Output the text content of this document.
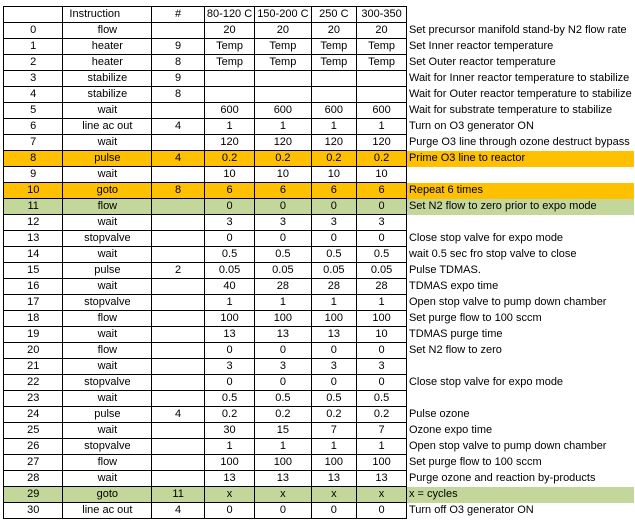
	Instruction	#	80-120 C	150-200 C	250 C	300-350	
0	flow		20	20	20	20	Set precursor manifold stand-by N2 flow rate
1	heater	9	Temp	Temp	Temp	Temp	Set Inner reactor temperature
2	heater	8	Temp	Temp	Temp	Temp	Set Outer reactor temperature
3	stabilize	9					Wait for Inner reactor temperature to stabilize
4	stabilize	8					Wait for Outer reactor temperature to stabilize
5	wait		600	600	600	600	Wait for substrate temperature to stabilize
6	line ac out	4	1	1	1	1	Turn on O3 generator ON
7	wait		120	120	120	120	Purge O3 line through ozone destruct bypass
8	pulse	4	0.2	0.2	0.2	0.2	Prime O3 line to reactor
9	wait		10	10	10	10	
10	goto	8	6	6	6	6	Repeat 6 times
11	flow		0	0	0	0	Set N2 flow to zero prior to expo mode
12	wait		3	3	3	3	
13	stopvalve		0	0	0	0	Close stop valve for expo mode
14	wait		0.5	0.5	0.5	0.5	wait 0.5 sec fro stop valve to close
15	pulse	2	0.05	0.05	0.05	0.05	Pulse TDMAS.
16	wait		40	28	28	28	TDMAS expo time
17	stopvalve		1	1	1	1	Open stop valve to pump down chamber
18	flow		100	100	100	100	Set purge flow to 100 sccm
19	wait		13	13	13	10	TDMAS purge time
20	flow		0	0	0	0	Set N2 flow to zero
21	wait		3	3	3	3	
22	stopvalve		0	0	0	0	Close stop valve for expo mode
23	wait		0.5	0.5	0.5	0.5	
24	pulse	4	0.2	0.2	0.2	0.2	Pulse ozone
25	wait		30	15	7	7	Ozone expo time
26	stopvalve		1	1	1	1	Open stop valve to pump down chamber
27	flow		100	100	100	100	Set purge flow to 100 sccm
28	wait		13	13	13	13	Purge ozone and reaction by-products
29	goto	11	x	x	x	x	x = cycles
30	line ac out	4	0	0	0	0	Turn off O3 generator ON
